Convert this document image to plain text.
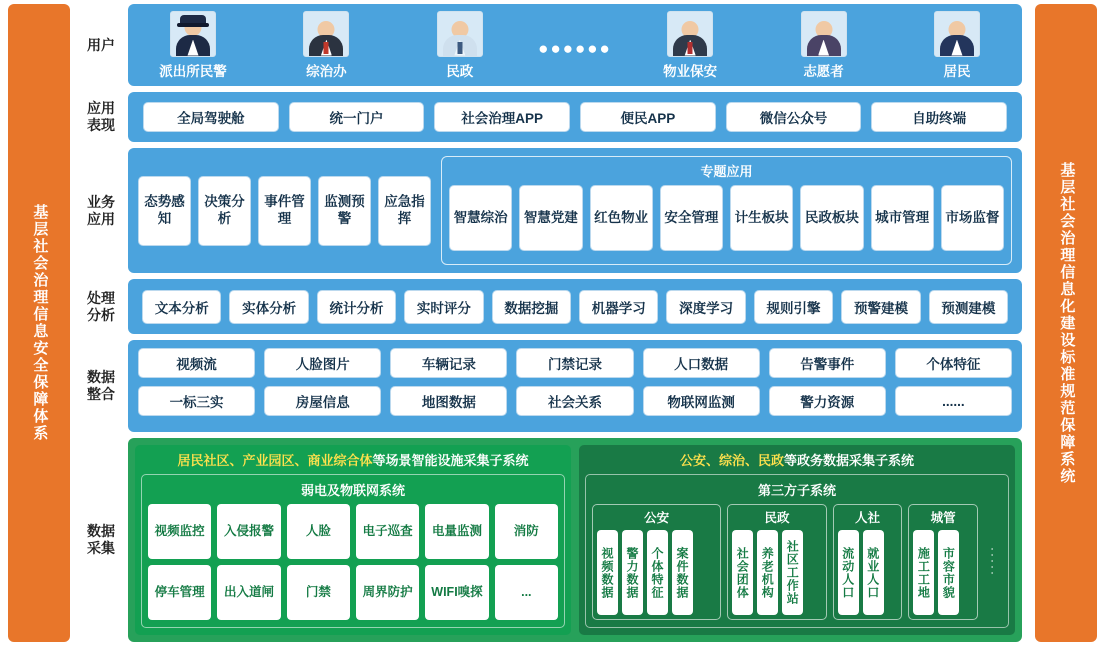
基层社会治理信息安全保障体系	基层社会治理信息化建设标准规范保障系统
用户
派出所民警	综治办	民政
●●●●●●
物业保安	志愿者	居民
应用
表现	全局驾驶舱	统一门户	社会治理APP	便民APP	微信公众号	自助终端
业务
应用
态势感知
决策分析
事件管理
监测预警
应急指挥
专题应用
智慧综治	智慧党建	红色物业	安全管理	计生板块	民政板块	城市管理	市场监督
处理
分析	文本分析	实体分析	统计分析	实时评分	数据挖掘	机器学习	深度学习	规则引擎	预警建模	预测建模
数据
整合
视频流	人脸图片	车辆记录	门禁记录	人口数据	告警事件	个体特征
一标三实	房屋信息	地图数据	社会关系	物联网监测	警力资源	......
数据
采集
居民社区、产业园区、商业综合体等场景智能设施采集子系统
弱电及物联网系统
视频监控	入侵报警	人脸	电子巡查	电量监测	消防
停车管理	出入道闸	门禁	周界防护	WIFI嗅探	...
公安、综治、民政等政务数据采集子系统
第三方子系统
公安
视频数据 警力数据 个体特征 案件数据
民政
社会团体 养老机构 社区工作站
人社
流动人口 就业人口
城管
施工工地 市容市貌	·····
